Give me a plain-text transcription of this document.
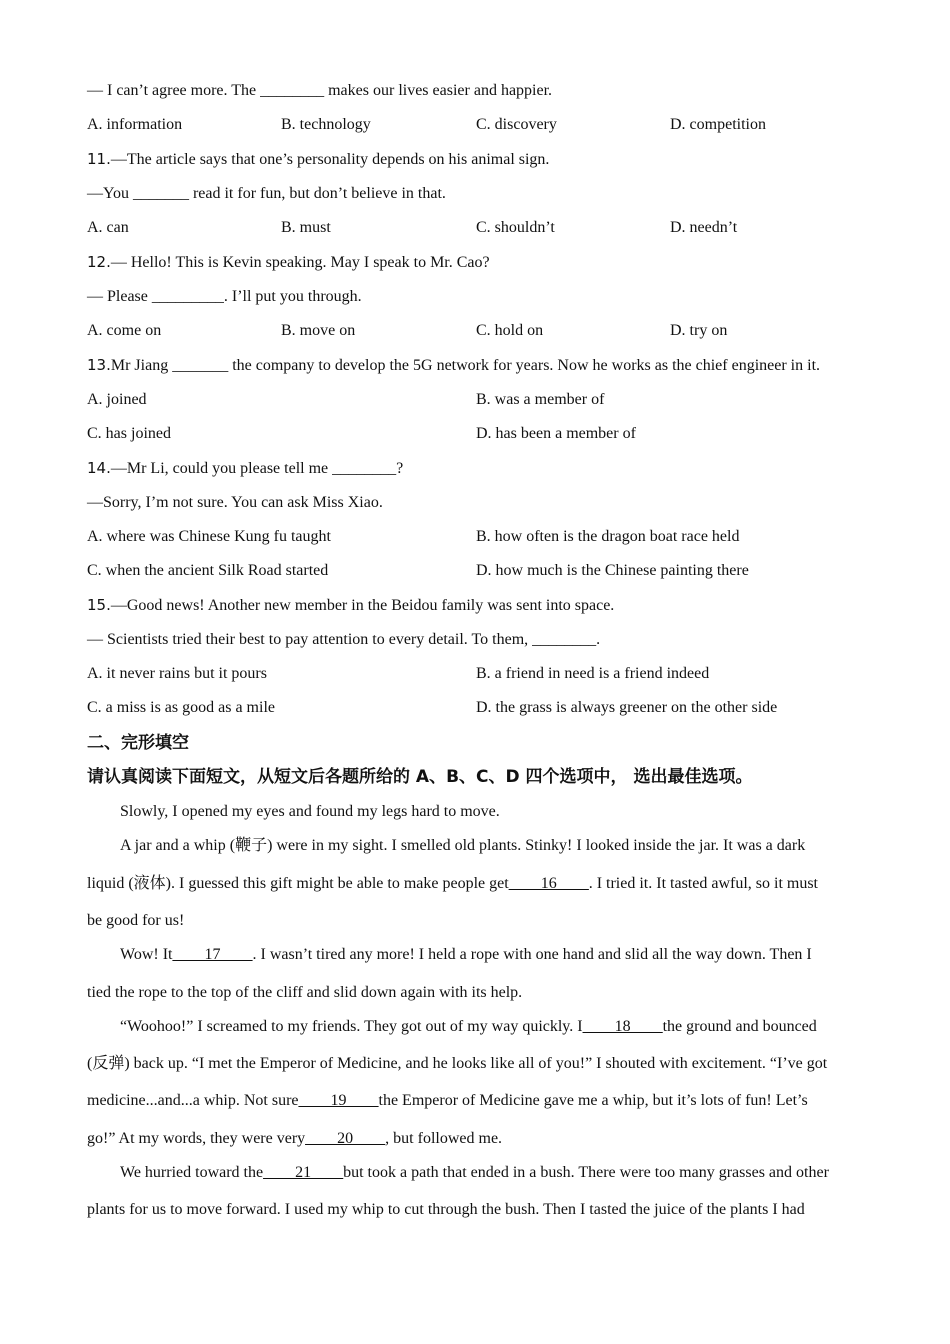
— I can’t agree more. The ________ makes our lives easier and happier.
A. information	B. technology	C. discovery	D. competition
11.—The article says that one’s personality depends on his animal sign.
—You _______ read it for fun, but don’t believe in that.
A. can	B. must	C. shouldn’t	D. needn’t
12.— Hello! This is Kevin speaking. May I speak to Mr. Cao?
— Please _________. I’ll put you through.
A. come on	B. move on	C. hold on	D. try on
13.Mr Jiang _______ the company to develop the 5G network for years. Now he works as the chief engineer in it.
A. joined	B. was a member of
C. has joined	D. has been a member of
14.—Mr Li, could you please tell me ________?
—Sorry, I’m not sure. You can ask Miss Xiao.
A. where was Chinese Kung fu taught	B. how often is the dragon boat race held
C. when the ancient Silk Road started	D. how much is the Chinese painting there
15.—Good news! Another new member in the Beidou family was sent into space.
— Scientists tried their best to pay attention to every detail. To them, ________.
A. it never rains but it pours	B. a friend in need is a friend indeed
C. a miss is as good as a mile	D. the grass is always greener on the other side
二、完形填空
请认真阅读下面短文，从短文后各题所给的 A、B、C、D 四个选项中， 选出最佳选项。
Slowly, I opened my eyes and found my legs hard to move.
A jar and a whip (鞭子) were in my sight. I smelled old plants. Stinky! I looked inside the jar. It was a dark
liquid (液体). I guessed this gift might be able to make people get____16____. I tried it. It tasted awful, so it must
be good for us!
Wow! It____17____. I wasn’t tired any more! I held a rope with one hand and slid all the way down. Then I
tied the rope to the top of the cliff and slid down again with its help.
“Woohoo!” I screamed to my friends. They got out of my way quickly. I____18____the ground and bounced
(反弹) back up. “I met the Emperor of Medicine, and he looks like all of you!” I shouted with excitement. “I’ve got
medicine...and...a whip. Not sure____19____the Emperor of Medicine gave me a whip, but it’s lots of fun! Let’s
go!” At my words, they were very____20____, but followed me.
We hurried toward the____21____but took a path that ended in a bush. There were too many grasses and other
plants for us to move forward. I used my whip to cut through the bush. Then I tasted the juice of the plants I had
